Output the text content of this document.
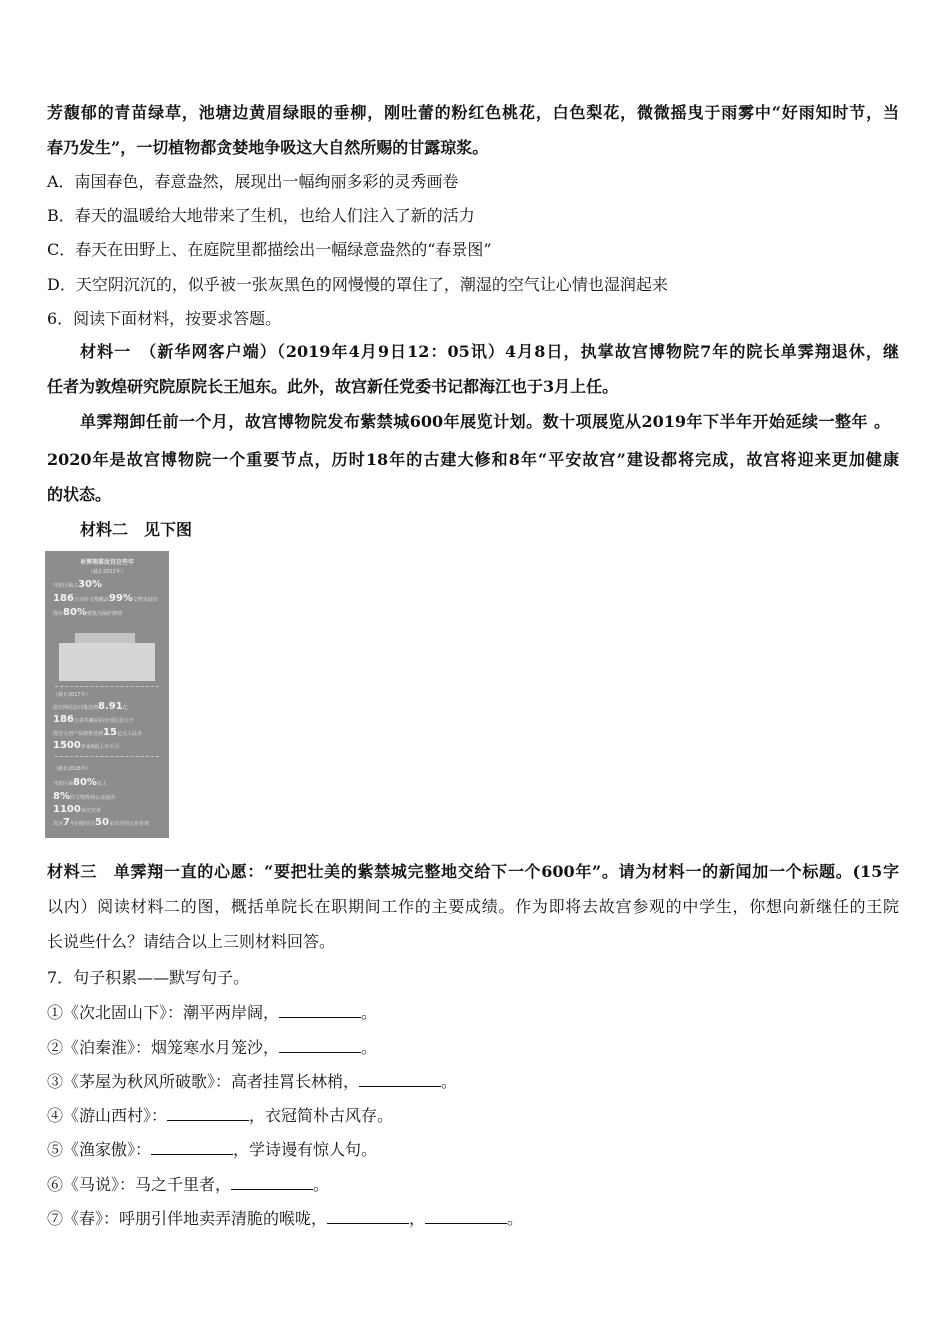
芳馥郁的青苗绿草，池塘边黄眉绿眼的垂柳，刚吐蕾的粉红色桃花，白色梨花，微微摇曳于雨雾中“好雨知时节，当
春乃发生”，一切植物都贪婪地争吸这大自然所赐的甘露琼浆。
A．南国春色，春意盎然，展现出一幅绚丽多彩的灵秀画卷
B．春天的温暖给大地带来了生机，也给人们注入了新的活力
C．春天在田野上、在庭院里都描绘出一幅绿意盎然的“春景图”
D．天空阴沉沉的，似乎被一张灰黑色的网慢慢的罩住了，潮湿的空气让心情也湿润起来
6．阅读下面材料，按要求答题。
材料一　（新华网客户端）（2019年4月9日12：05讯）4月8日，执掌故宫博物院7年的院长单霁翔退休，继
任者为敦煌研究院原院长王旭东。此外，故宫新任党委书记都海江也于3月上任。
单霁翔卸任前一个月，故宫博物院发布紫禁城600年展览计划。数十项展览从2019年下半年开始延续一整年 。
2020年是故宫博物院一个重要节点，历时18年的古建大修和8年“平安故宫”建设都将完成，故宫将迎来更加健康
的状态。
材料二　见下图
单霁翔掌故宫这些年
（截止2012年）
开放区域占30%
186万余件文物藏品99%文物未展出
现存80%建筑为保护修缮
（截止2017年）
故宫网站访问量达到8.91亿
186万多件藏品的全部信息公开
故宫文创产品销售达到15亿元人民币
1500多家A股上市公司
（截止2018年）
开放区域80%以上
8%的文物得到公众展出
1100多次宣讲
故宫7年间接待过50多次外国元首参观
材料三　单霁翔一直的心愿：“要把壮美的紫禁城完整地交给下一个600年”。请为材料一的新闻加一个标题。(15字
以内）阅读材料二的图，概括单院长在职期间工作的主要成绩。作为即将去故宫参观的中学生，你想向新继任的王院
长说些什么？请结合以上三则材料回答。
7．句子积累——默写句子。
①《次北固山下》：潮平两岸阔，	。
②《泊秦淮》：烟笼寒水月笼沙，	。
③《茅屋为秋风所破歌》：高者挂罥长林梢，	。
④《游山西村》：	，衣冠简朴古风存。
⑤《渔家傲》：	，学诗谩有惊人句。
⑥《马说》：马之千里者，	。
⑦《春》：呼朋引伴地卖弄清脆的喉咙，	，	。
